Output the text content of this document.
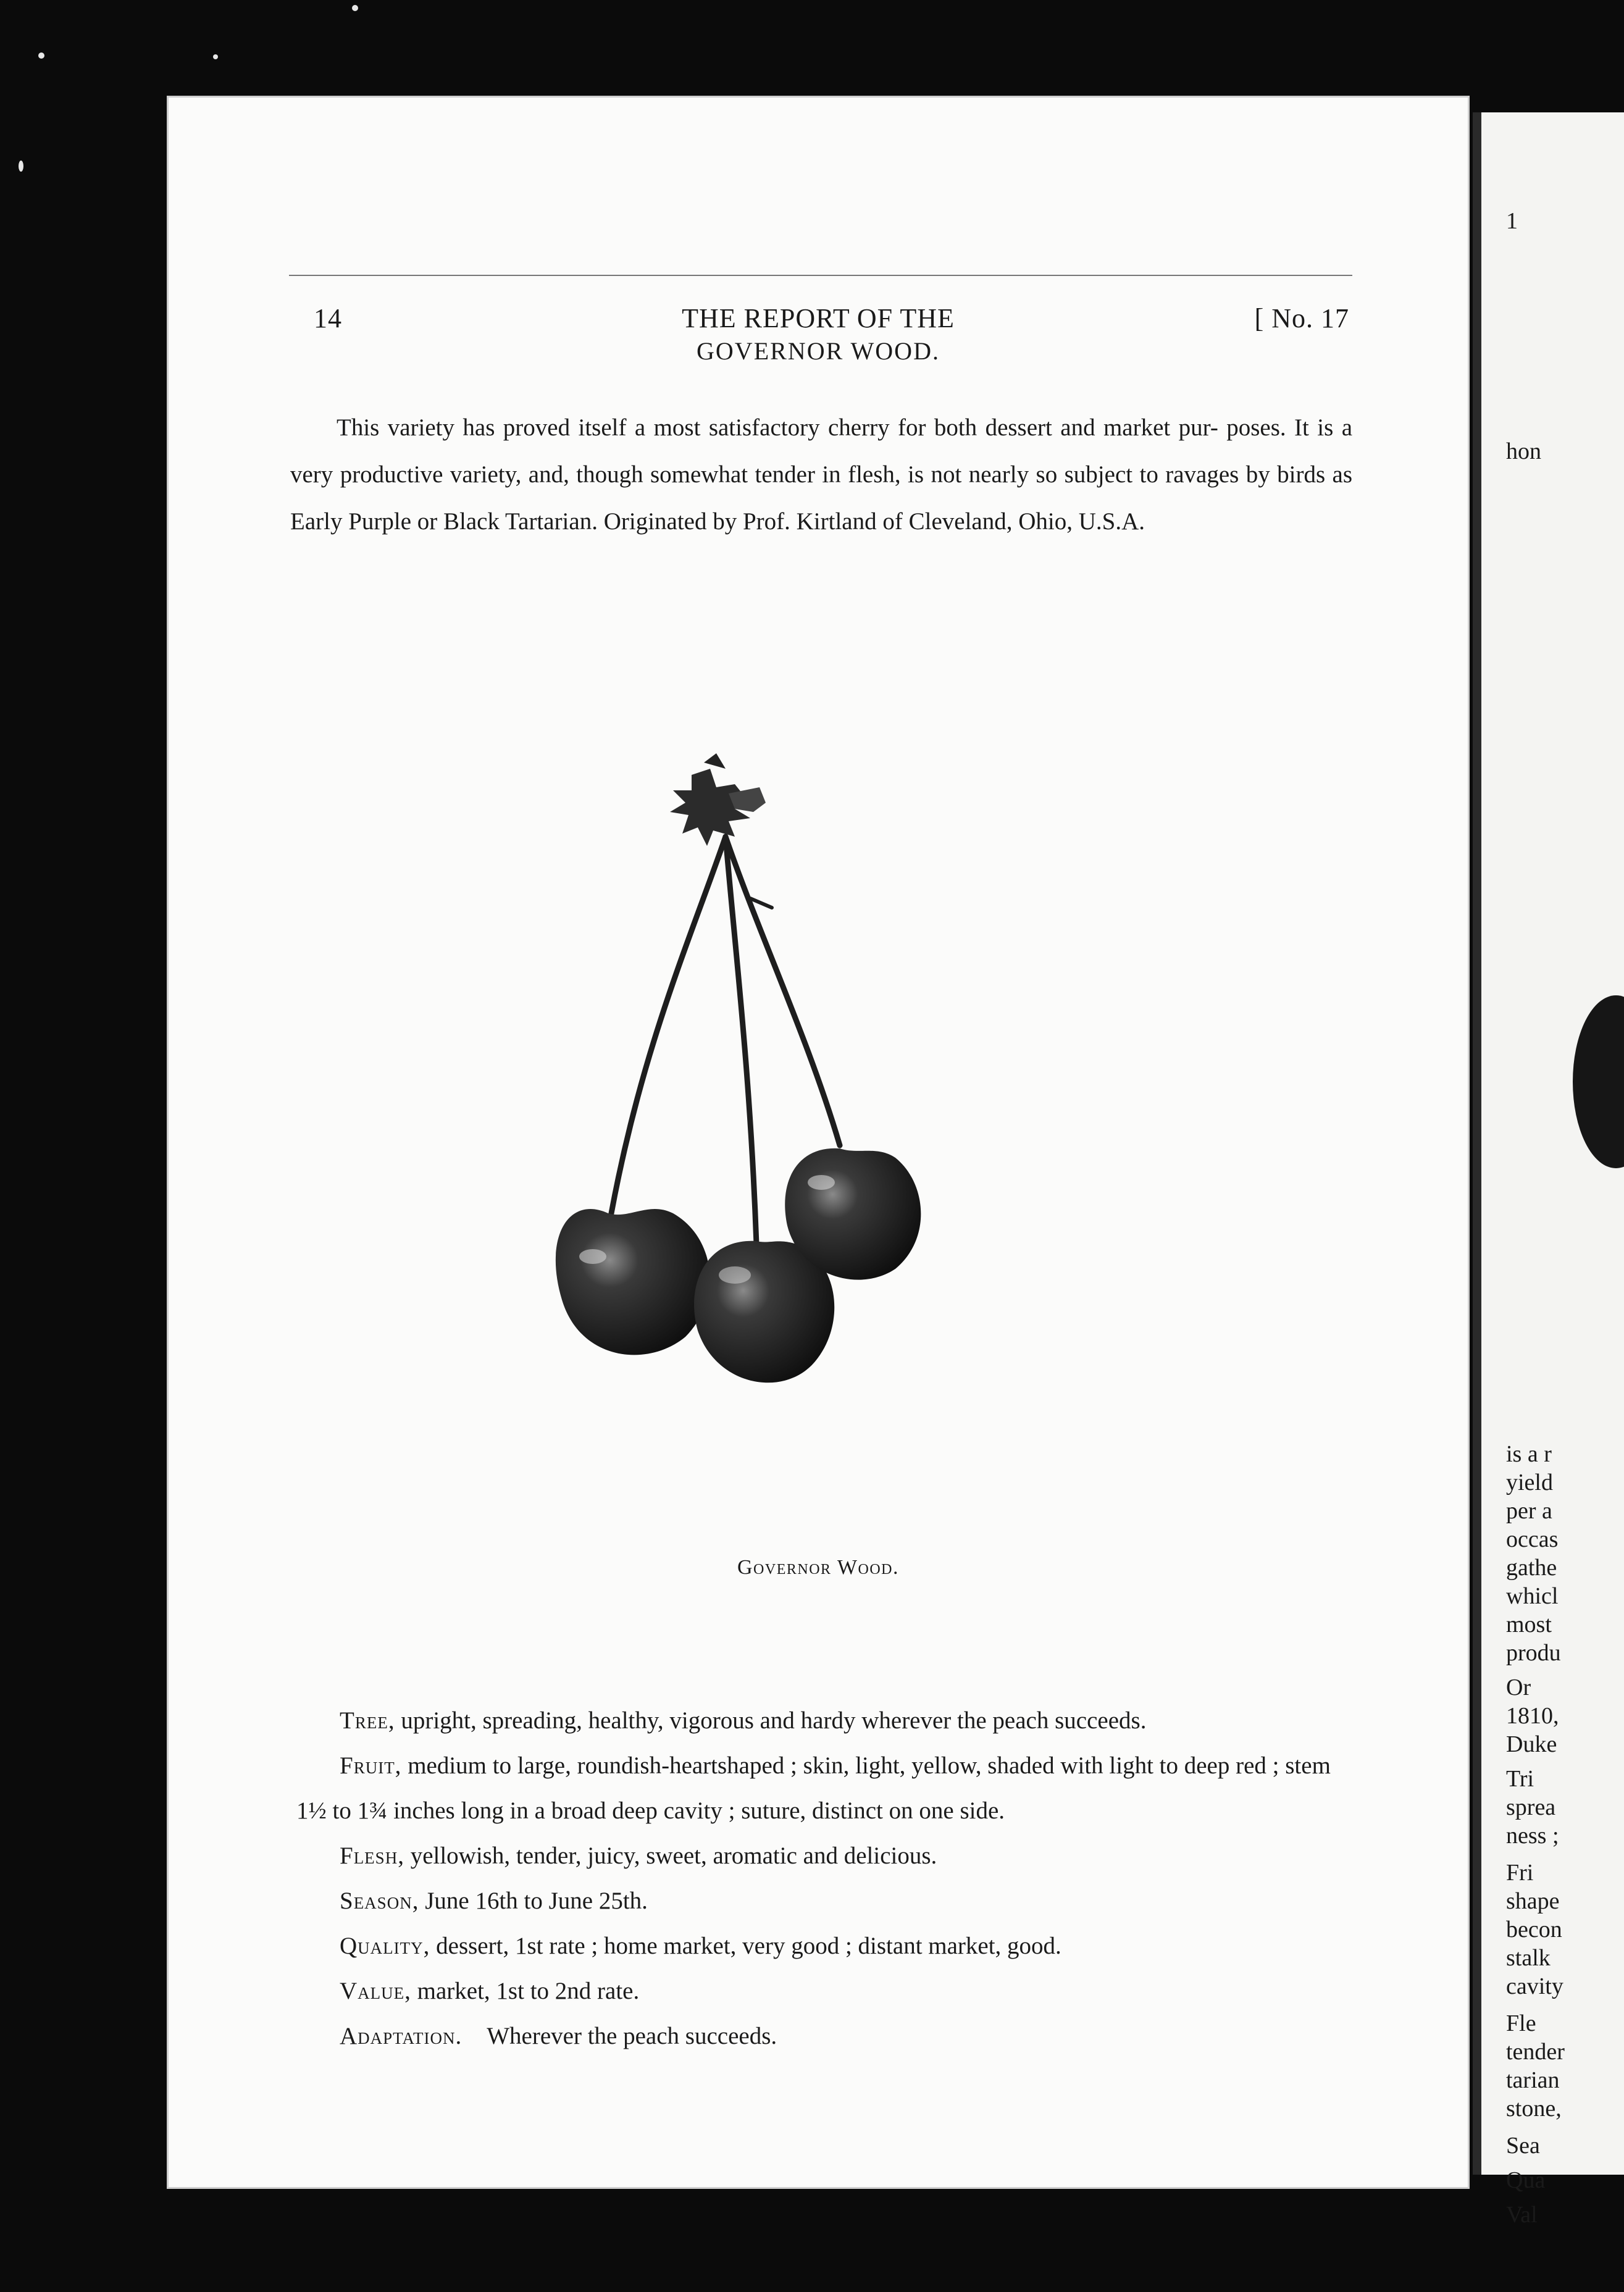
14	THE REPORT OF THE	[ No. 17
GOVERNOR WOOD.

This variety has proved itself a most satisfactory cherry for both dessert and market pur- poses. It is a very productive variety, and, though somewhat tender in flesh, is not nearly so subject to ravages by birds as Early Purple or Black Tartarian. Originated by Prof. Kirtland of Cleveland, Ohio, U.S.A.

Governor Wood.

Tree, upright, spreading, healthy, vigorous and hardy wherever the peach succeeds.

Fruit, medium to large, roundish-heartshaped ; skin, light, yellow, shaded with light to deep red ; stem 1½ to 1¾ inches long in a broad deep cavity ; suture, distinct on one side.

Flesh, yellowish, tender, juicy, sweet, aromatic and delicious.

Season, June 16th to June 25th.

Quality, dessert, 1st rate ; home market, very good ; distant market, good.

Value, market, 1st to 2nd rate.

Adaptation. Wherever the peach succeeds.

1
hon
is a r
yield
per a
occas
gathe
whicl
most
produ
Or
1810,
Duke
Tri
sprea
ness ;
Fri
shape
becon
stalk
cavity
Fle
tender
tarian
stone,
Sea
Qua
Val
